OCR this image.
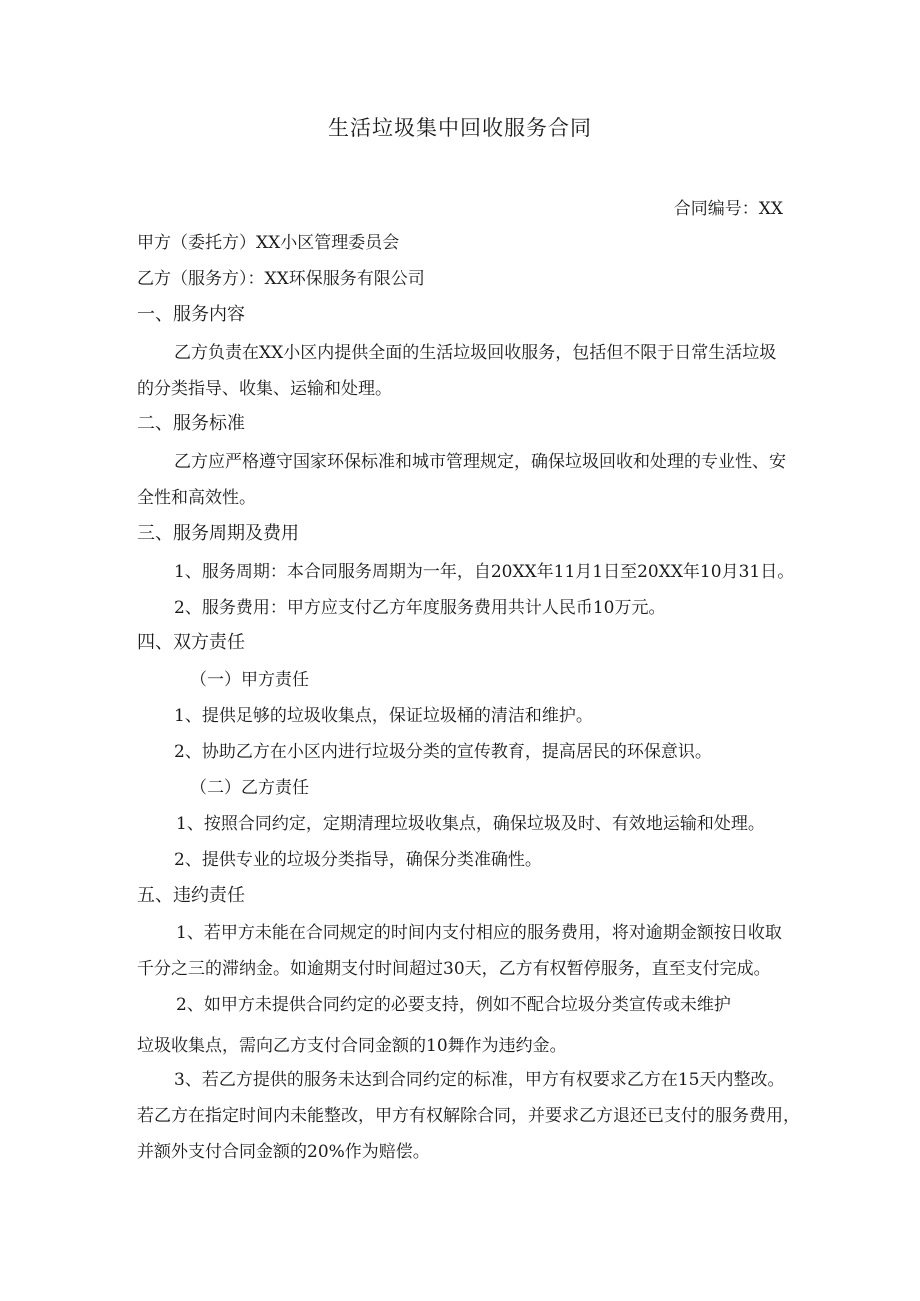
生活垃圾集中回收服务合同
合同编号：XX
甲方（委托方）XX小区管理委员会
乙方（服务方）：XX环保服务有限公司
一、服务内容
乙方负责在XX小区内提供全面的生活垃圾回收服务，包括但不限于日常生活垃圾
的分类指导、收集、运输和处理。
二、服务标准
乙方应严格遵守国家环保标准和城市管理规定，确保垃圾回收和处理的专业性、安
全性和高效性。
三、服务周期及费用
1、服务周期：本合同服务周期为一年，自20XX年11月1日至20XX年10月31日。
2、服务费用：甲方应支付乙方年度服务费用共计人民币10万元。
四、双方责任
（一）甲方责任
1、提供足够的垃圾收集点，保证垃圾桶的清洁和维护。
2、协助乙方在小区内进行垃圾分类的宣传教育，提高居民的环保意识。
（二）乙方责任
1、按照合同约定，定期清理垃圾收集点，确保垃圾及时、有效地运输和处理。
2、提供专业的垃圾分类指导，确保分类准确性。
五、违约责任
1、若甲方未能在合同规定的时间内支付相应的服务费用，将对逾期金额按日收取
千分之三的滞纳金。如逾期支付时间超过30天，乙方有权暂停服务，直至支付完成。
2、如甲方未提供合同约定的必要支持，例如不配合垃圾分类宣传或未维护
垃圾收集点，需向乙方支付合同金额的10舞作为违约金。
3、若乙方提供的服务未达到合同约定的标准，甲方有权要求乙方在15天内整改。
若乙方在指定时间内未能整改，甲方有权解除合同，并要求乙方退还已支付的服务费用，
并额外支付合同金额的20%作为赔偿。
